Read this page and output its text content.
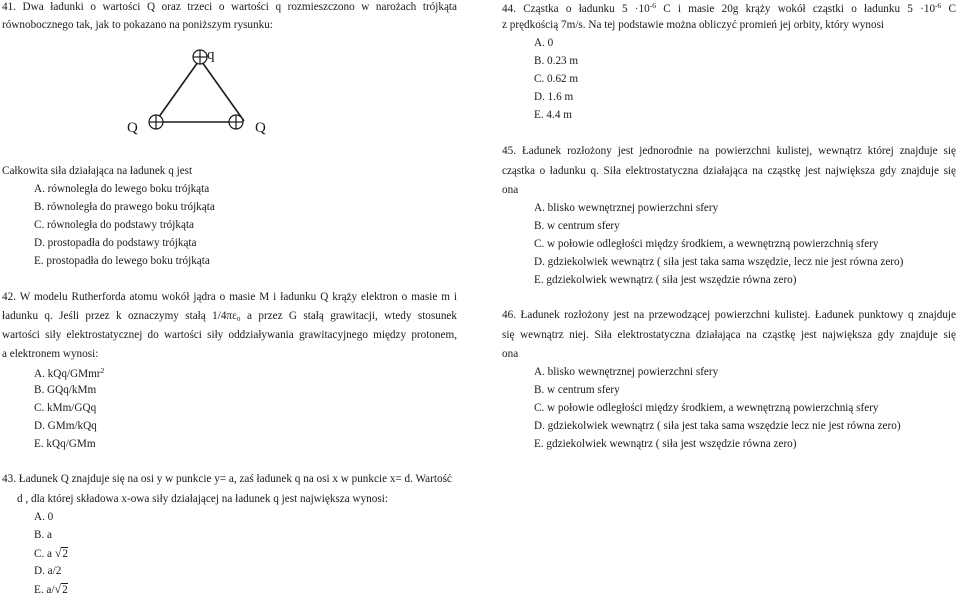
41. Dwa ładunki o wartości Q oraz trzeci o wartości q rozmieszczono w narożach trójkąta
równobocznego tak, jak to pokazano na poniższym rysunku:
q
Q	Q
Całkowita siła działająca na ładunek q jest
A. równoległa do lewego boku trójkąta
B. równoległa do prawego boku trójkąta
C. równoległa do podstawy trójkąta
D. prostopadła do podstawy trójkąta
E. prostopadła do lewego boku trójkąta
42. W modelu Rutherforda atomu wokół jądra o masie M i ładunku Q krąży elektron o masie m i
ładunku q. Jeśli przez k oznaczymy stałą 1/4πε₀ a przez G stałą grawitacji, wtedy stosunek
wartości siły elektrostatycznej do wartości siły oddziaływania grawitacyjnego między protonem,
a elektronem wynosi:
A. kQq/GMmr$^2$
B. GQq/kMm
C. kMm/GQq
D. GMm/kQq
E. kQq/GMm
44. Cząstka o ładunku $5 \cdot 10^{-6}$ C i masie 20g krąży wokół cząstki o ładunku $5 \cdot 10^{-6}$ C
z prędkością 7m/s. Na tej podstawie można obliczyć promień jej orbity, który wynosi
A. 0
B. 0.23 m
C. 0.62 m
D. 1.6 m
E. 4.4 m
45. Ładunek rozłożony jest jednorodnie na powierzchni kulistej, wewnątrz której znajduje się
cząstka o ładunku q. Siła elektrostatyczna działająca na cząstkę jest największa gdy znajduje się
ona
A. blisko wewnętrznej powierzchni sfery
B. w centrum sfery
C. w połowie odległości między środkiem, a wewnętrzną powierzchnią sfery
D. gdziekolwiek wewnątrz ( siła jest taka sama wszędzie, lecz nie jest równa zero)
E. gdziekolwiek wewnątrz ( siła jest wszędzie równa zero)
46. Ładunek rozłożony jest na przewodzącej powierzchni kulistej. Ładunek punktowy q znajduje
się wewnątrz niej. Siła elektrostatyczna działająca na cząstkę jest największa gdy znajduje się
ona
A. blisko wewnętrznej powierzchni sfery
B. w centrum sfery
C. w połowie odległości między środkiem, a wewnętrzną powierzchnią sfery
D. gdziekolwiek wewnątrz ( siła jest taka sama wszędzie lecz nie jest równa zero)
E. gdziekolwiek wewnątrz ( siła jest wszędzie równa zero)
43. Ładunek Q znajduje się na osi y w punkcie y= a, zaś ładunek q na osi x w punkcie x= d. Wartość
d , dla której składowa x-owa siły działającej na ładunek q jest największa wynosi:
A. 0
B. a
C. a √2
D. a/2
E. a/√2
